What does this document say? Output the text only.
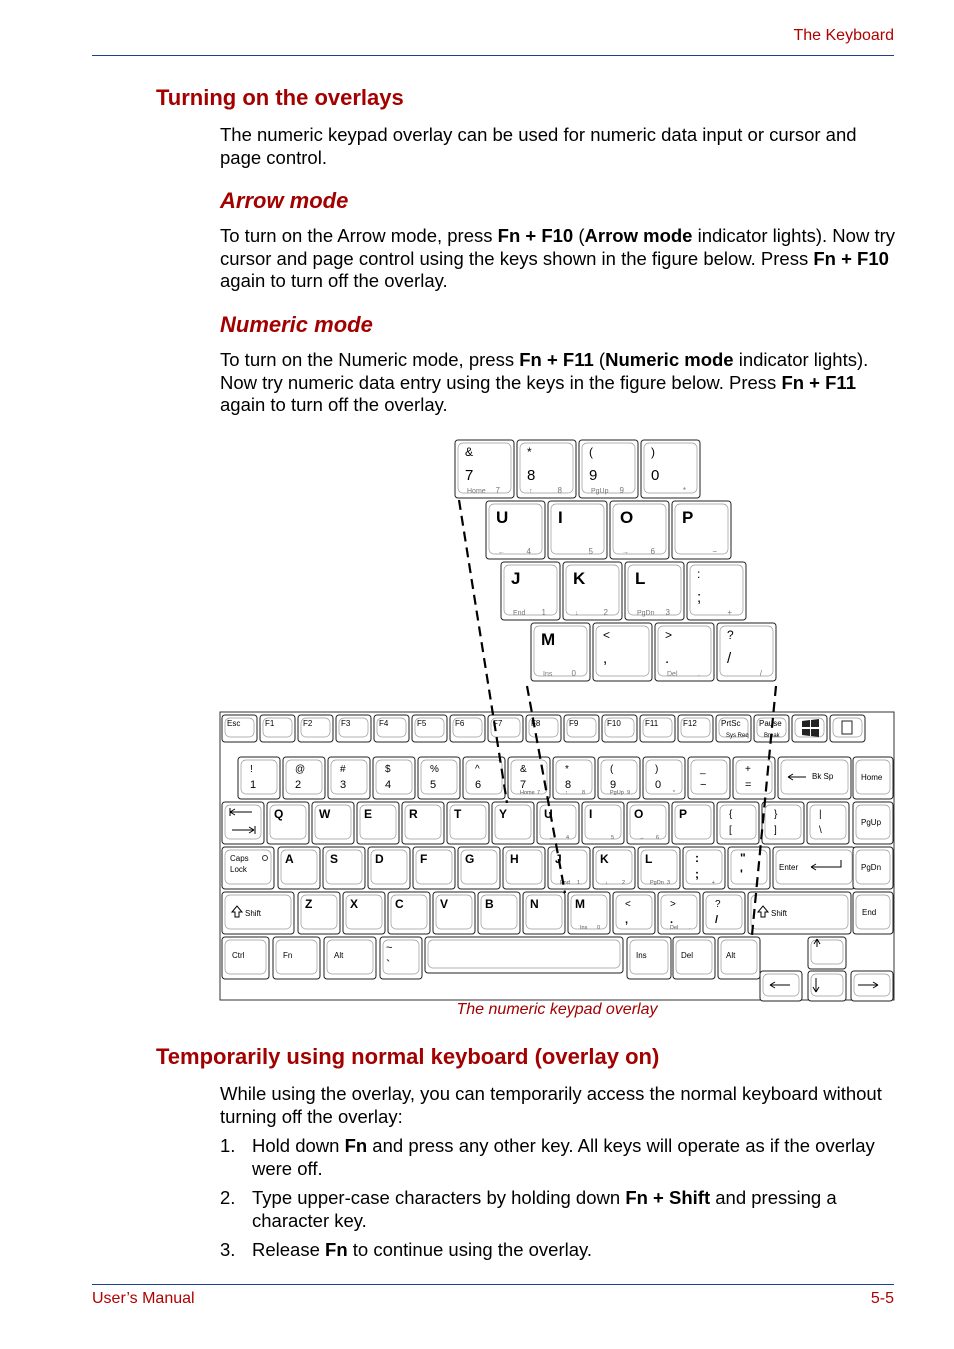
The Keyboard
Turning on the overlays

The numeric keypad overlay can be used for numeric data input or cursor and page control.

Arrow mode

To turn on the Arrow mode, press Fn + F10 (Arrow mode indicator lights). Now try cursor and page control using the keys shown in the figure below. Press Fn + F10 again to turn off the overlay.

Numeric mode

To turn on the Numeric mode, press Fn + F11 (Numeric mode indicator lights). Now try numeric data entry using the keys in the figure below. Press Fn + F11 again to turn off the overlay.

&
7
Home 7
*
8
↑	8
(
9
PgUp 9
)
0
*
U
←	4
I
5
O
→	6
P
−
J
End 1
K
↓	2
L
PgDn 3
:
;
+
M
Ins 0
<
,
>
.
Del	.
?
/
/
Esc	F1	F2	F3	F4	F5	F6	F7	F8	F9	F10	F11	F12	PrtSc
Sys Req
Pause
Break
!
1
@
2
#
3
$
4
%
5
^
6
&
7
Home 7
*
8
↑	8
(
9
PgUp 9
)
0
*
_
−
+
=
Bk Sp	Home
Q	W	E	R	T	Y	U
← 4
I
5
O
→ 6
P	{
[
}
]
|
\
PgUp
Caps
Lock
A	S	D	F	G	H	J
End 1
K
↓	2
L
PgDn 3
:
;
+
"
'	Enter	PgDn
Shift
Z	X	C	V	B	N	M
Ins 0
<
,
>
.
Del .
?
/
Shift	End
Ctrl	Fn	Alt
~
`
Ins	Del	Alt
The numeric keypad overlay
Temporarily using normal keyboard (overlay on)

While using the overlay, you can temporarily access the normal keyboard without turning off the overlay:

1. Hold down Fn and press any other key. All keys will operate as if the overlay were off.
2. Type upper-case characters by holding down Fn + Shift and pressing a character key.
3. Release Fn to continue using the overlay.
User’s Manual	5-5
